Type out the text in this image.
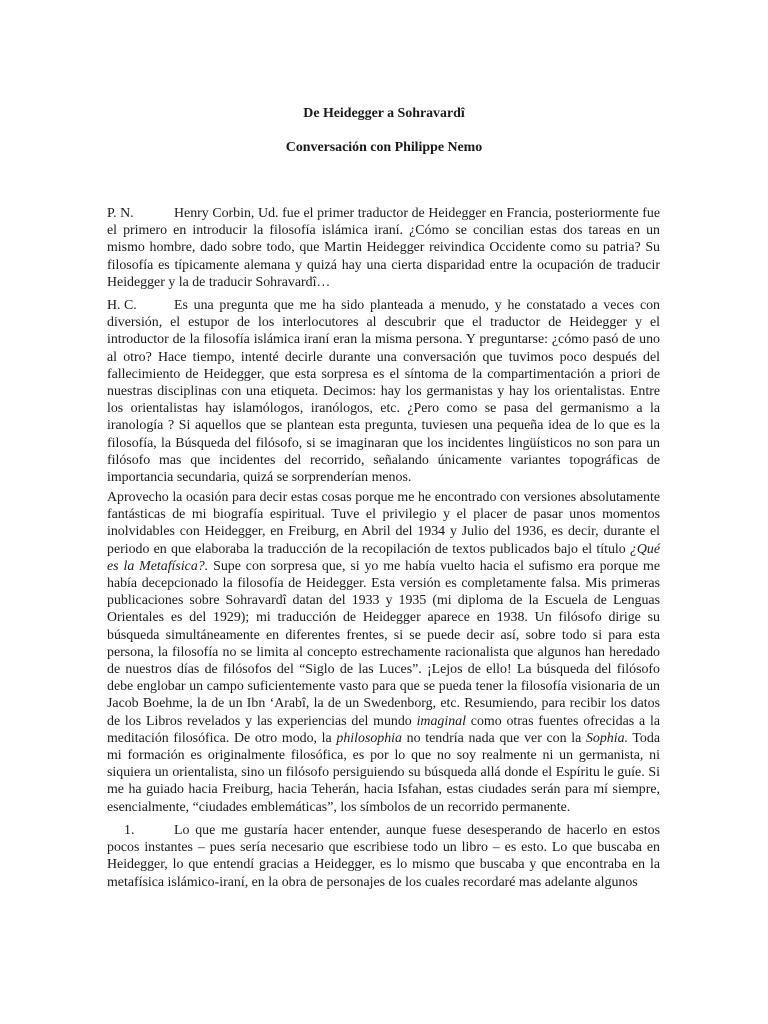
De Heidegger a Sohravardî
Conversación con Philippe Nemo

P. N.	Henry Corbin, Ud. fue el primer traductor de Heidegger en Francia, posteriormente fue el primero en introducir la filosofía islámica iraní. ¿Cómo se concilian estas dos tareas en un mismo hombre, dado sobre todo, que Martin Heidegger reivindica Occidente como su patria? Su filosofía es típicamente alemana y quizá hay una cierta disparidad entre la ocupación de traducir Heidegger y la de traducir Sohravardî…

H. C.	Es una pregunta que me ha sido planteada a menudo, y he constatado a veces con diversión, el estupor de los interlocutores al descubrir que el traductor de Heidegger y el introductor de la filosofía islámica iraní eran la misma persona. Y preguntarse: ¿cómo pasó de uno al otro? Hace tiempo, intenté decirle durante una conversación que tuvimos poco después del fallecimiento de Heidegger, que esta sorpresa es el síntoma de la compartimentación a priori de nuestras disciplinas con una etiqueta. Decimos: hay los germanistas y hay los orientalistas. Entre los orientalistas hay islamólogos, iranólogos, etc. ¿Pero como se pasa del germanismo a la iranología ? Si aquellos que se plantean esta pregunta, tuviesen una pequeña idea de lo que es la filosofía, la Búsqueda del filósofo, si se imaginaran que los incidentes lingüísticos no son para un filósofo mas que incidentes del recorrido, señalando únicamente variantes topográficas de importancia secundaria, quizá se sorprenderían menos.

Aprovecho la ocasión para decir estas cosas porque me he encontrado con versiones absolutamente fantásticas de mi biografía espiritual. Tuve el privilegio y el placer de pasar unos momentos inolvidables con Heidegger, en Freiburg, en Abril del 1934 y Julio del 1936, es decir, durante el periodo en que elaboraba la traducción de la recopilación de textos publicados bajo el título ¿Qué es la Metafísica?. Supe con sorpresa que, si yo me había vuelto hacia el sufismo era porque me había decepcionado la filosofía de Heidegger. Esta versión es completamente falsa. Mis primeras publicaciones sobre Sohravardî datan del 1933 y 1935 (mi diploma de la Escuela de Lenguas Orientales es del 1929); mi traducción de Heidegger aparece en 1938. Un filósofo dirige su búsqueda simultáneamente en diferentes frentes, si se puede decir así, sobre todo si para esta persona, la filosofía no se limita al concepto estrechamente racionalista que algunos han heredado de nuestros días de filósofos del “Siglo de las Luces”. ¡Lejos de ello! La búsqueda del filósofo debe englobar un campo suficientemente vasto para que se pueda tener la filosofía visionaria de un Jacob Boehme, la de un Ibn ‘Arabî, la de un Swedenborg, etc. Resumiendo, para recibir los datos de los Libros revelados y las experiencias del mundo imaginal como otras fuentes ofrecidas a la meditación filosófica. De otro modo, la philosophia no tendría nada que ver con la Sophia. Toda mi formación es originalmente filosófica, es por lo que no soy realmente ni un germanista, ni siquiera un orientalista, sino un filósofo persiguiendo su búsqueda allá donde el Espíritu le guíe. Si me ha guiado hacia Freiburg, hacia Teherán, hacia Isfahan, estas ciudades serán para mí siempre, esencialmente, “ciudades emblemáticas”, los símbolos de un recorrido permanente.

1.	Lo que me gustaría hacer entender, aunque fuese desesperando de hacerlo en estos pocos instantes – pues sería necesario que escribiese todo un libro – es esto. Lo que buscaba en Heidegger, lo que entendí gracias a Heidegger, es lo mismo que buscaba y que encontraba en la metafísica islámico-iraní, en la obra de personajes de los cuales recordaré mas adelante algunos
